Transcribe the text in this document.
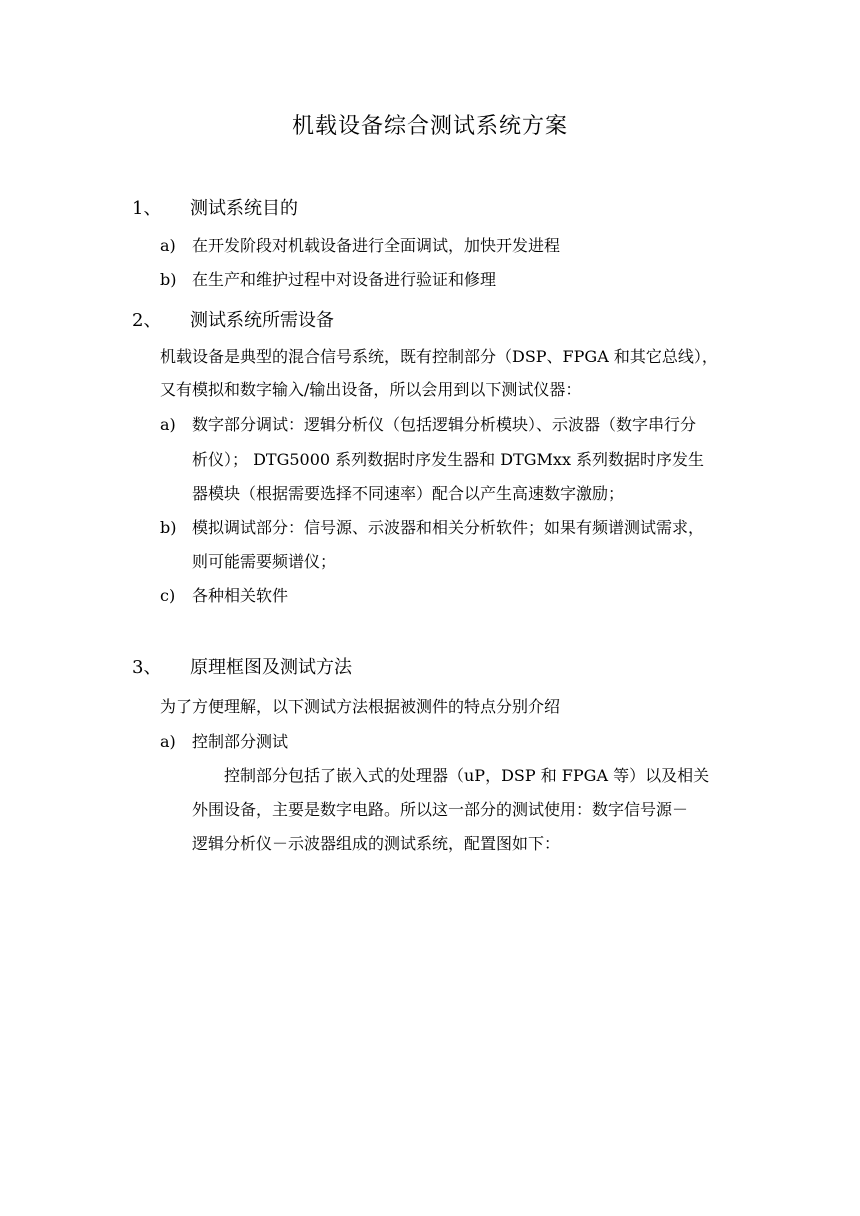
机载设备综合测试系统方案
1、 测试系统目的
a) 在开发阶段对机载设备进行全面调试，加快开发进程
b) 在生产和维护过程中对设备进行验证和修理
2、 测试系统所需设备
机载设备是典型的混合信号系统，既有控制部分（DSP、FPGA 和其它总线），
又有模拟和数字输入/输出设备，所以会用到以下测试仪器：
a) 数字部分调试：逻辑分析仪（包括逻辑分析模块）、示波器（数字串行分
析仪）； DTG5000 系列数据时序发生器和 DTGMxx 系列数据时序发生
器模块（根据需要选择不同速率）配合以产生高速数字激励；
b) 模拟调试部分：信号源、示波器和相关分析软件；如果有频谱测试需求，
则可能需要频谱仪；
c) 各种相关软件
3、 原理框图及测试方法
为了方便理解，以下测试方法根据被测件的特点分别介绍
a) 控制部分测试
控制部分包括了嵌入式的处理器（uP，DSP 和 FPGA 等）以及相关
外围设备，主要是数字电路。所以这一部分的测试使用：数字信号源－
逻辑分析仪－示波器组成的测试系统，配置图如下：
